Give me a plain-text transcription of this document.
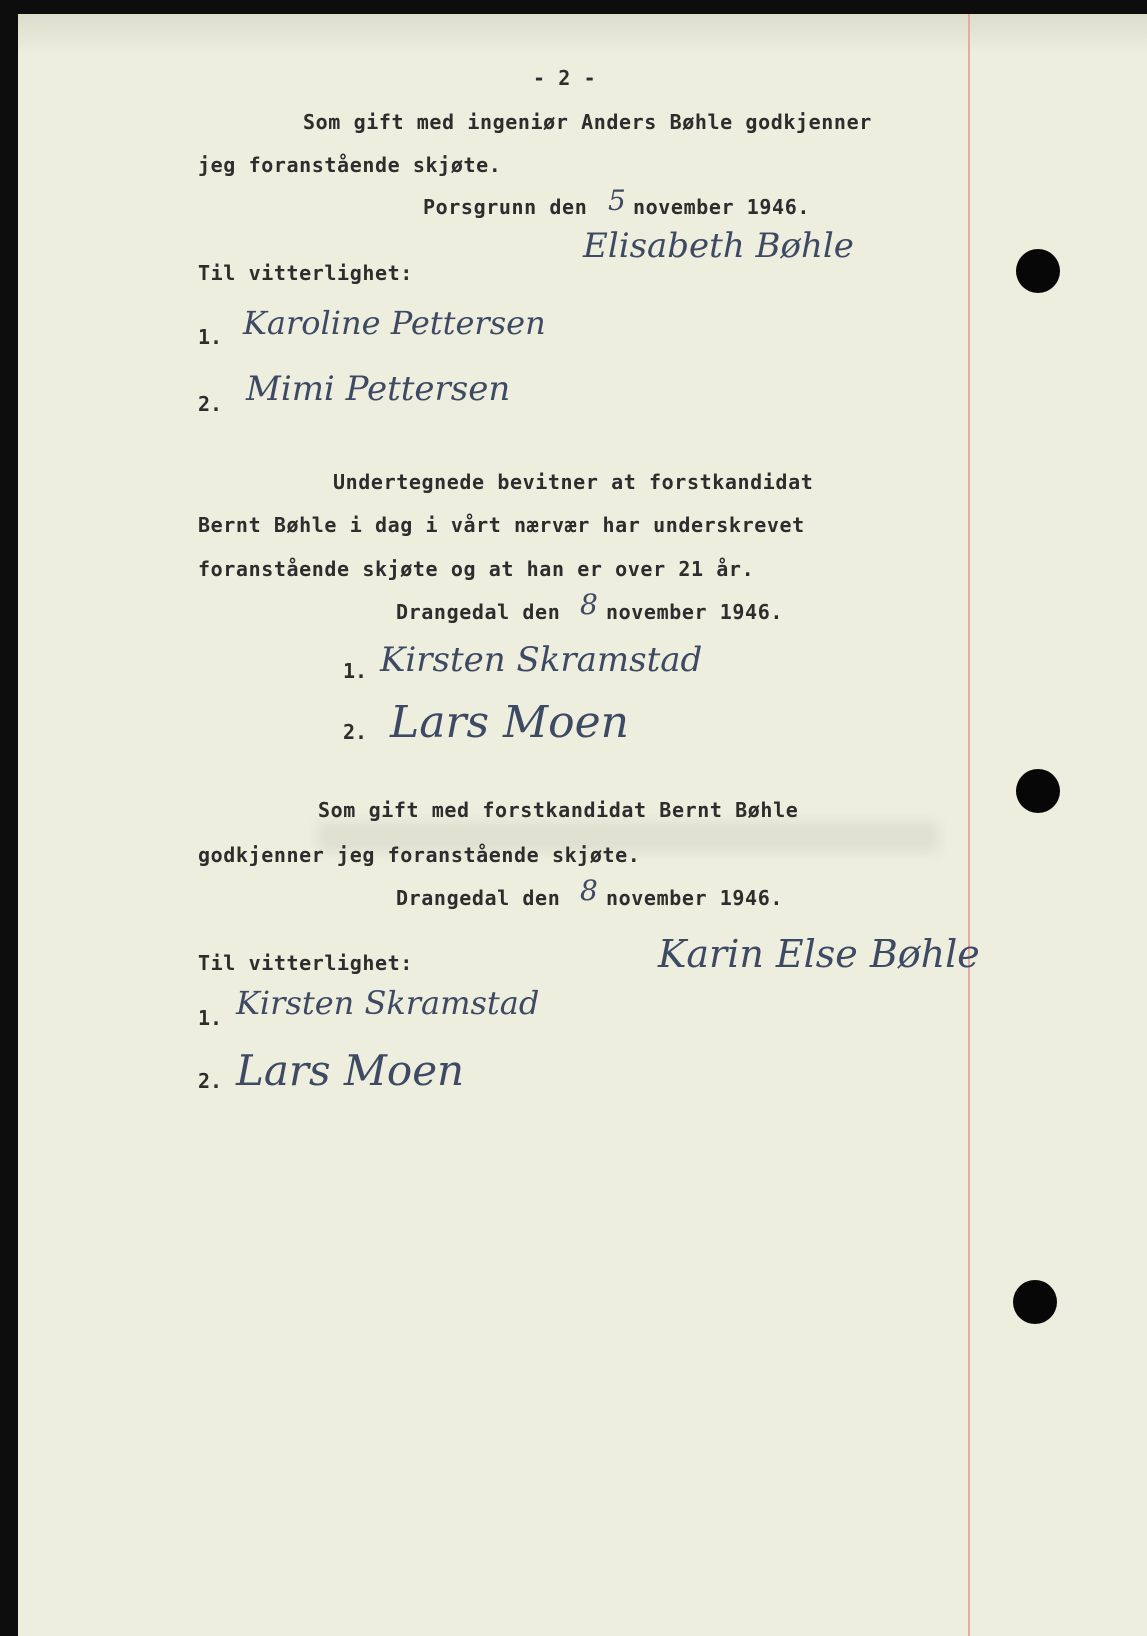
- 2 -
Som gift med ingeniør Anders Bøhle godkjenner
jeg foranstående skjøte.
Porsgrunn den 5 november 1946.
Elisabeth Bøhle
Til vitterlighet:
1. Karoline Pettersen
2. Mimi Pettersen
Undertegnede bevitner at forstkandidat
Bernt Bøhle i dag i vårt nærvær har underskrevet
foranstående skjøte og at han er over 21 år.
Drangedal den 8 november 1946.
1. Kirsten Skramstad
2. Lars Moen
Som gift med forstkandidat Bernt Bøhle
godkjenner jeg foranstående skjøte.
Drangedal den 8 november 1946.
Til vitterlighet:	Karin Else Bøhle
1. Kirsten Skramstad
2. Lars Moen
